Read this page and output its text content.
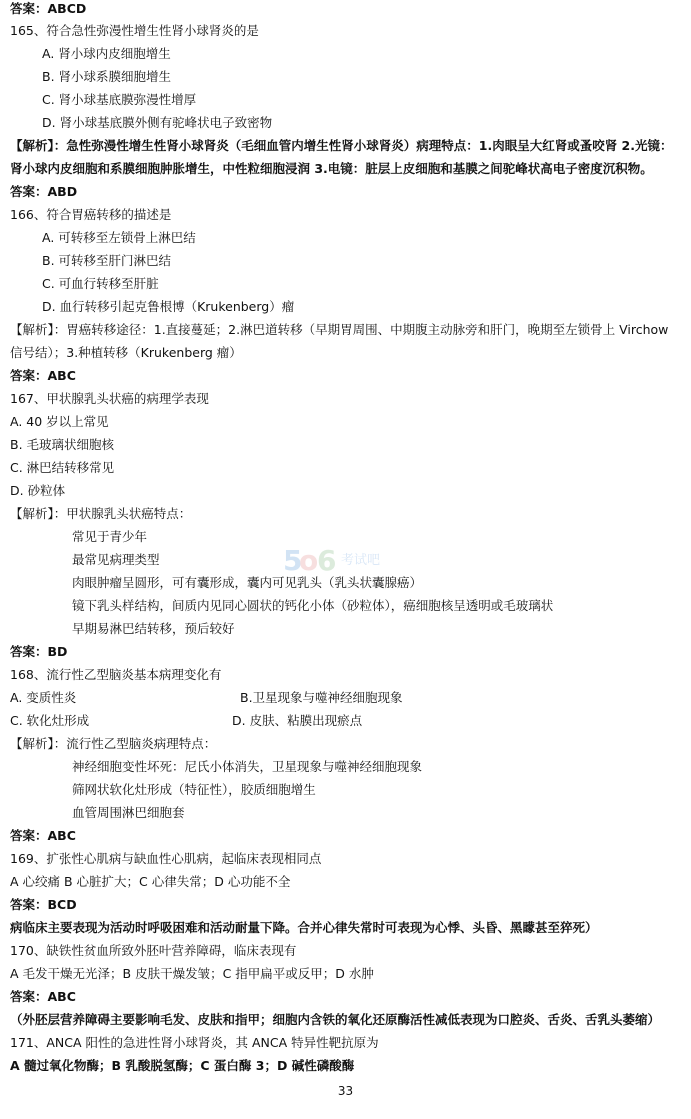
答案：ABCD
165、符合急性弥漫性增生性肾小球肾炎的是
A. 肾小球内皮细胞增生
B. 肾小球系膜细胞增生
C. 肾小球基底膜弥漫性增厚
D. 肾小球基底膜外侧有驼峰状电子致密物
【解析】：急性弥漫性增生性肾小球肾炎（毛细血管内增生性肾小球肾炎）病理特点：1.肉眼呈大红肾或蚤咬肾 2.光镜：
肾小球内皮细胞和系膜细胞肿胀增生，中性粒细胞浸润 3.电镜：脏层上皮细胞和基膜之间驼峰状高电子密度沉积物。
答案：ABD
166、符合胃癌转移的描述是
A. 可转移至左锁骨上淋巴结
B. 可转移至肝门淋巴结
C. 可血行转移至肝脏
D. 血行转移引起克鲁根博（Krukenberg）瘤
【解析】：胃癌转移途径：1.直接蔓延；2.淋巴道转移（早期胃周围、中期腹主动脉旁和肝门，晚期至左锁骨上 Virchow
信号结）；3.种植转移（Krukenberg 瘤）
答案：ABC
167、甲状腺乳头状癌的病理学表现
A. 40 岁以上常见
B. 毛玻璃状细胞核
C. 淋巴结转移常见
D. 砂粒体
【解析】：甲状腺乳头状癌特点：
常见于青少年
最常见病理类型
肉眼肿瘤呈圆形，可有囊形成，囊内可见乳头（乳头状囊腺癌）
镜下乳头样结构，间质内见同心圆状的钙化小体（砂粒体），癌细胞核呈透明或毛玻璃状
早期易淋巴结转移，预后较好
答案：BD
168、流行性乙型脑炎基本病理变化有
A. 变质性炎	B.卫星现象与噬神经细胞现象
C. 软化灶形成	D. 皮肤、粘膜出现瘀点
【解析】：流行性乙型脑炎病理特点：
神经细胞变性坏死：尼氏小体消失，卫星现象与噬神经细胞现象
筛网状软化灶形成（特征性），胶质细胞增生
血管周围淋巴细胞套
答案：ABC
169、扩张性心肌病与缺血性心肌病，起临床表现相同点
A 心绞痛 B 心脏扩大；C 心律失常；D 心功能不全
答案：BCD
病临床主要表现为活动时呼吸困难和活动耐量下降。合并心律失常时可表现为心悸、头昏、黑矇甚至猝死）
170、缺铁性贫血所致外胚叶营养障碍，临床表现有
A 毛发干燥无光泽；B 皮肤干燥发皱；C 指甲扁平或反甲；D 水肿
答案：ABC
（外胚层营养障碍主要影响毛发、皮肤和指甲；细胞内含铁的氧化还原酶活性减低表现为口腔炎、舌炎、舌乳头萎缩）
171、ANCA 阳性的急进性肾小球肾炎，其 ANCA 特异性靶抗原为
A 髓过氧化物酶；B 乳酸脱氢酶；C 蛋白酶 3；D 碱性磷酸酶
5
o
6 考试吧
33
